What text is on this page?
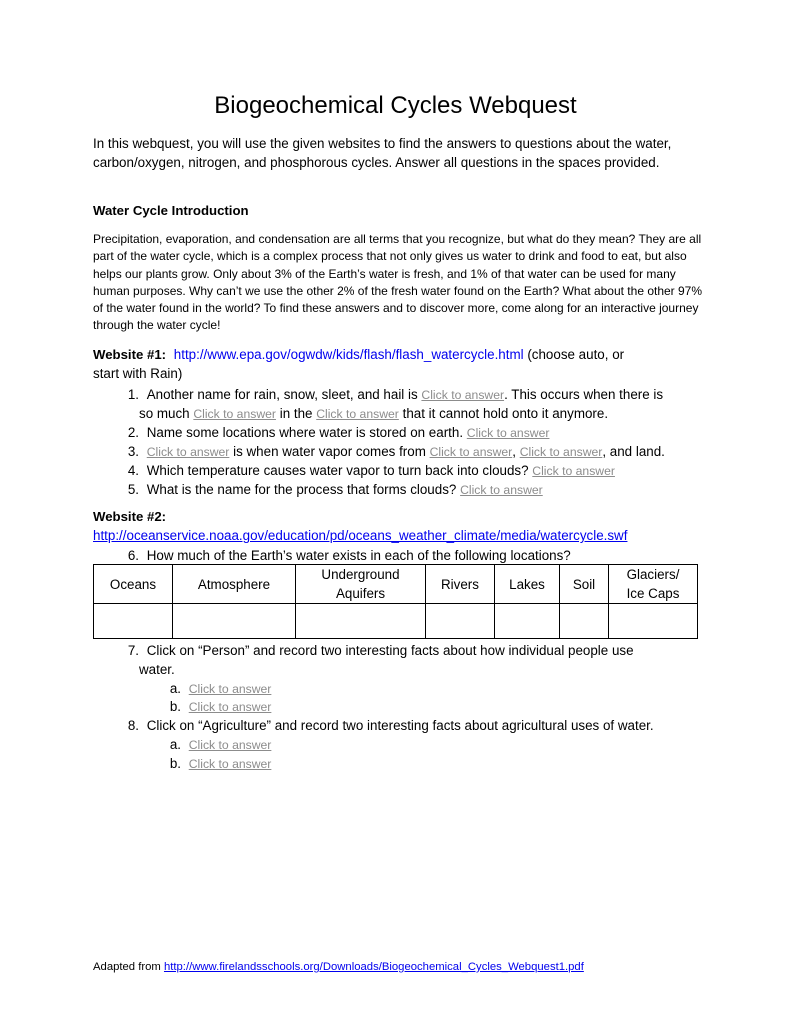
Biogeochemical Cycles Webquest
In this webquest, you will use the given websites to find the answers to questions about the water, carbon/oxygen, nitrogen, and phosphorous cycles. Answer all questions in the spaces provided.
Water Cycle Introduction
Precipitation, evaporation, and condensation are all terms that you recognize, but what do they mean? They are all part of the water cycle, which is a complex process that not only gives us water to drink and food to eat, but also helps our plants grow. Only about 3% of the Earth’s water is fresh, and 1% of that water can be used for many human purposes. Why can’t we use the other 2% of the fresh water found on the Earth? What about the other 97% of the water found in the world? To find these answers and to discover more, come along for an interactive journey through the water cycle!
Website #1: http://www.epa.gov/ogwdw/kids/flash/flash_watercycle.html (choose auto, or
start with Rain)
1. Another name for rain, snow, sleet, and hail is Click to answer. This occurs when there is
so much Click to answer in the Click to answer that it cannot hold onto it anymore.
2. Name some locations where water is stored on earth. Click to answer
3. Click to answer is when water vapor comes from Click to answer, Click to answer, and land.
4. Which temperature causes water vapor to turn back into clouds? Click to answer
5. What is the name for the process that forms clouds? Click to answer
Website #2:
http://oceanservice.noaa.gov/education/pd/oceans_weather_climate/media/watercycle.swf
6. How much of the Earth’s water exists in each of the following locations?
Oceans	Atmosphere	Underground
Aquifers	Rivers	Lakes	Soil	Glaciers/
Ice Caps

7. Click on “Person” and record two interesting facts about how individual people use
water.
a. Click to answer
b. Click to answer
8. Click on “Agriculture” and record two interesting facts about agricultural uses of water.
a. Click to answer
b. Click to answer
Adapted from http://www.firelandsschools.org/Downloads/Biogeochemical_Cycles_Webquest1.pdf
